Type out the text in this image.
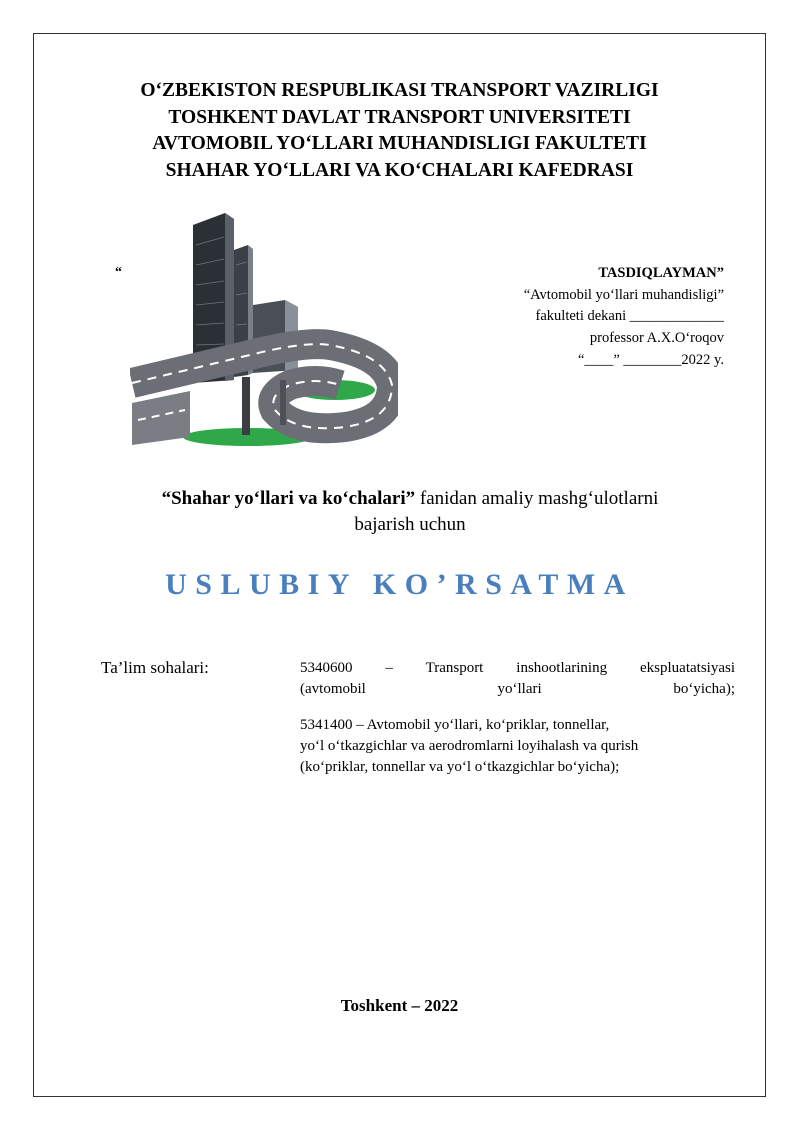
O‘ZBEKISTON RESPUBLIKASI TRANSPORT VAZIRLIGI
TOSHKENT DAVLAT TRANSPORT UNIVERSITETI
AVTOMOBIL YO‘LLARI MUHANDISLIGI FAKULTETI
SHAHAR YO‘LLARI VA KO‘CHALARI KAFEDRASI
“	TASDIQLAYMAN”
“Avtomobil yo‘llari muhandisligi”
fakulteti dekani _____________
professor A.X.O‘roqov
“____” ________2022 y.
“Shahar yo‘llari va ko‘chalari” fanidan amaliy mashg‘ulotlarni
bajarish uchun
USLUBIY KO’RSATMA
Ta’lim sohalari:	5340600 – Transport inshootlarining ekspluatatsiyasi
(avtomobil yo‘llari bo‘yicha);

5341400 – Avtomobil yo‘llari, ko‘priklar, tonnellar,
yo‘l o‘tkazgichlar va aerodromlarni loyihalash va qurish
(ko‘priklar, tonnellar va yo‘l o‘tkazgichlar bo‘yicha);

Toshkent – 2022
